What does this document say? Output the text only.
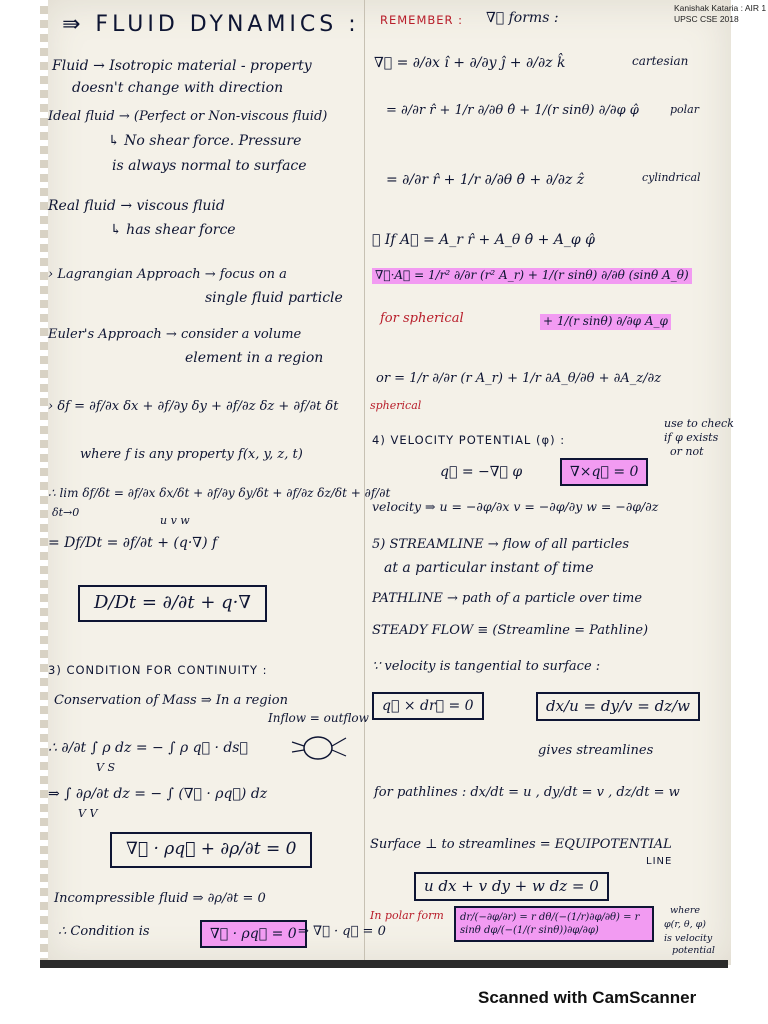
Kanishak Kataria : AIR 1
UPSC CSE 2018
⇛ FLUID DYNAMICS :
Fluid → Isotropic material - property
doesn't change with direction
Ideal fluid → (Perfect or Non-viscous fluid)
↳ No shear force. Pressure
is always normal to surface
Real fluid → viscous fluid
↳ has shear force
› Lagrangian Approach → focus on a
single fluid particle
Euler's Approach → consider a volume
element in a region
› δf = ∂f/∂x δx + ∂f/∂y δy + ∂f/∂z δz + ∂f/∂t δt
where f is any property f(x, y, z, t)
∴ lim δf/δt = ∂f/∂x δx/δt + ∂f/∂y δy/δt + ∂f/∂z δz/δt + ∂f/∂t
δt→0
u v w
= Df/Dt = ∂f/∂t + (q·∇) f
D/Dt = ∂/∂t + q·∇
3) CONDITION FOR CONTINUITY :
Conservation of Mass ⇒ In a region
Inflow = outflow
∴ ∂/∂t ∫ ρ dz = − ∫ ρ q⃗ · ds⃗
V S
⇒ ∫ ∂ρ/∂t dz = − ∫ (∇⃗ · ρq⃗) dz
V V
∇⃗ · ρq⃗ + ∂ρ/∂t = 0
Incompressible fluid ⇒ ∂ρ/∂t = 0
∴ Condition is	∇⃗ · ρq⃗ = 0 ⇒ ∇⃗ · q⃗ = 0
REMEMBER : ∇⃗ forms :
∇⃗ = ∂/∂x î + ∂/∂y ĵ + ∂/∂z k̂	cartesian
= ∂/∂r r̂ + 1/r ∂/∂θ θ̂ + 1/(r sinθ) ∂/∂φ φ̂	polar
= ∂/∂r r̂ + 1/r ∂/∂θ θ̂ + ∂/∂z ẑ	cylindrical
∴ If A⃗ = A_r r̂ + A_θ θ̂ + A_φ φ̂
∇⃗·A⃗ = 1/r² ∂/∂r (r² A_r) + 1/(r sinθ) ∂/∂θ (sinθ A_θ)
for spherical	+ 1/(r sinθ) ∂/∂φ A_φ
or = 1/r ∂/∂r (r A_r) + 1/r ∂A_θ/∂θ + ∂A_z/∂z
spherical
4) VELOCITY POTENTIAL (φ) :
use to check
if φ exists
or not
q⃗ = −∇⃗ φ	∇×q⃗ = 0
velocity ⇒ u = −∂φ/∂x v = −∂φ/∂y w = −∂φ/∂z
5) STREAMLINE → flow of all particles
at a particular instant of time
PATHLINE → path of a particle over time
STEADY FLOW ≡ (Streamline = Pathline)
∵ velocity is tangential to surface :
q⃗ × dr⃗ = 0	dx/u = dy/v = dz/w
gives streamlines
for pathlines : dx/dt = u , dy/dt = v , dz/dt = w
Surface ⊥ to streamlines = EQUIPOTENTIAL
LINE
u dx + v dy + w dz = 0
In polar form	dr/(−∂φ/∂r) = r dθ/(−(1/r)∂φ/∂θ) = r sinθ dφ/(−(1/(r sinθ))∂φ/∂φ)
where
φ(r, θ, φ)
is velocity
potential
Scanned with CamScanner
